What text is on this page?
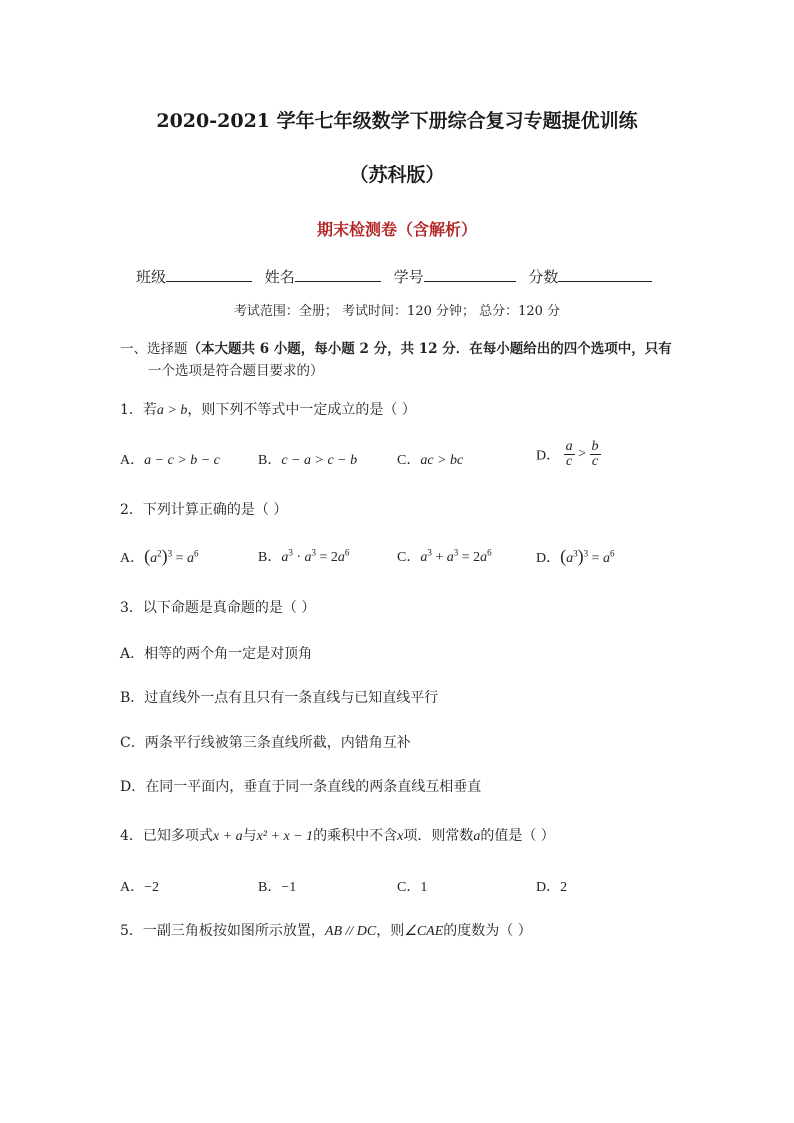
2020-2021 学年七年级数学下册综合复习专题提优训练
（苏科版）
期末检测卷（含解析）
班级	姓名	学号	分数
考试范围：全册； 考试时间：120 分钟； 总分：120 分
一、选择题（本大题共 6 小题，每小题 2 分，共 12 分．在每小题给出的四个选项中，只有
一个选项是符合题目要求的）
1．若a > b，则下列不等式中一定成立的是（ ）
A．a − c > b − c	B．c − a > c − b	C．ac > bc	D． $\frac{a}{c} > \frac{b}{c}$
2．下列计算正确的是（ ）
A．$(a^2)^3 = a^6$	B．$a^3 \cdot a^3 = 2a^6$	C．$a^3 + a^3 = 2a^6$	D．$(a^3)^3 = a^6$
3．以下命题是真命题的是（ ）
A．相等的两个角一定是对顶角
B．过直线外一点有且只有一条直线与已知直线平行
C．两条平行线被第三条直线所截，内错角互补
D．在同一平面内，垂直于同一条直线的两条直线互相垂直
4．已知多项式x + a与x² + x − 1的乘积中不含x项．则常数a的值是（ ）
A．−2	B．−1	C．1	D．2
5．一副三角板按如图所示放置，AB // DC，则∠CAE的度数为（ ）
